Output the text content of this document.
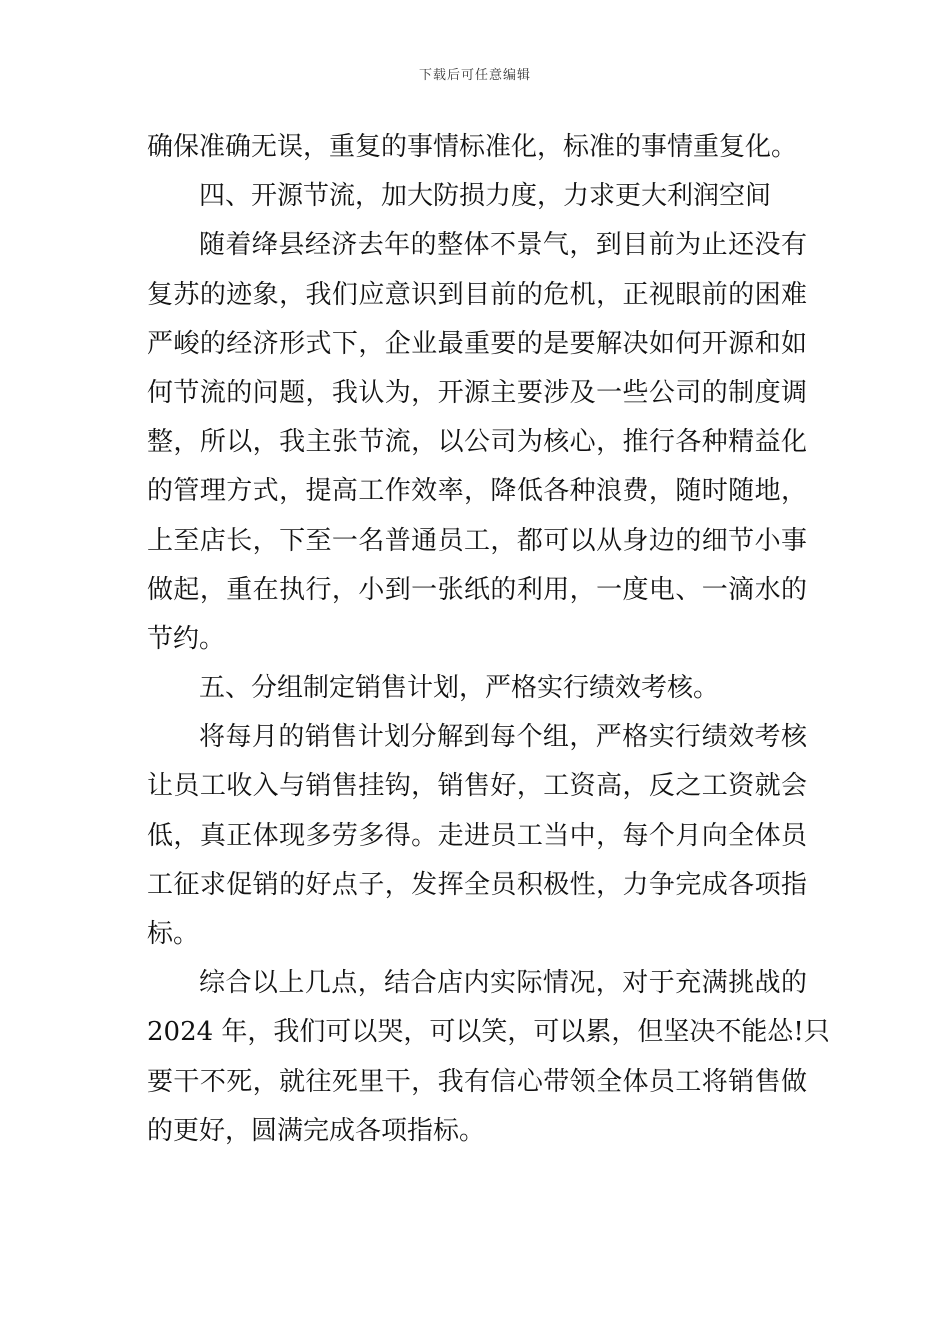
下载后可任意编辑
确保准确无误，重复的事情标准化，标准的事情重复化。
四、开源节流，加大防损力度，力求更大利润空间
随着绛县经济去年的整体不景气，到目前为止还没有
复苏的迹象，我们应意识到目前的危机，正视眼前的困难
严峻的经济形式下，企业最重要的是要解决如何开源和如
何节流的问题，我认为，开源主要涉及一些公司的制度调
整，所以，我主张节流，以公司为核心，推行各种精益化
的管理方式，提高工作效率，降低各种浪费，随时随地，
上至店长，下至一名普通员工，都可以从身边的细节小事
做起，重在执行，小到一张纸的利用，一度电、一滴水的
节约。
五、分组制定销售计划，严格实行绩效考核。
将每月的销售计划分解到每个组，严格实行绩效考核
让员工收入与销售挂钩，销售好，工资高，反之工资就会
低，真正体现多劳多得。走进员工当中，每个月向全体员
工征求促销的好点子，发挥全员积极性，力争完成各项指
标。
综合以上几点，结合店内实际情况，对于充满挑战的
2024 年，我们可以哭，可以笑，可以累，但坚决不能怂!只
要干不死，就往死里干，我有信心带领全体员工将销售做
的更好，圆满完成各项指标。
